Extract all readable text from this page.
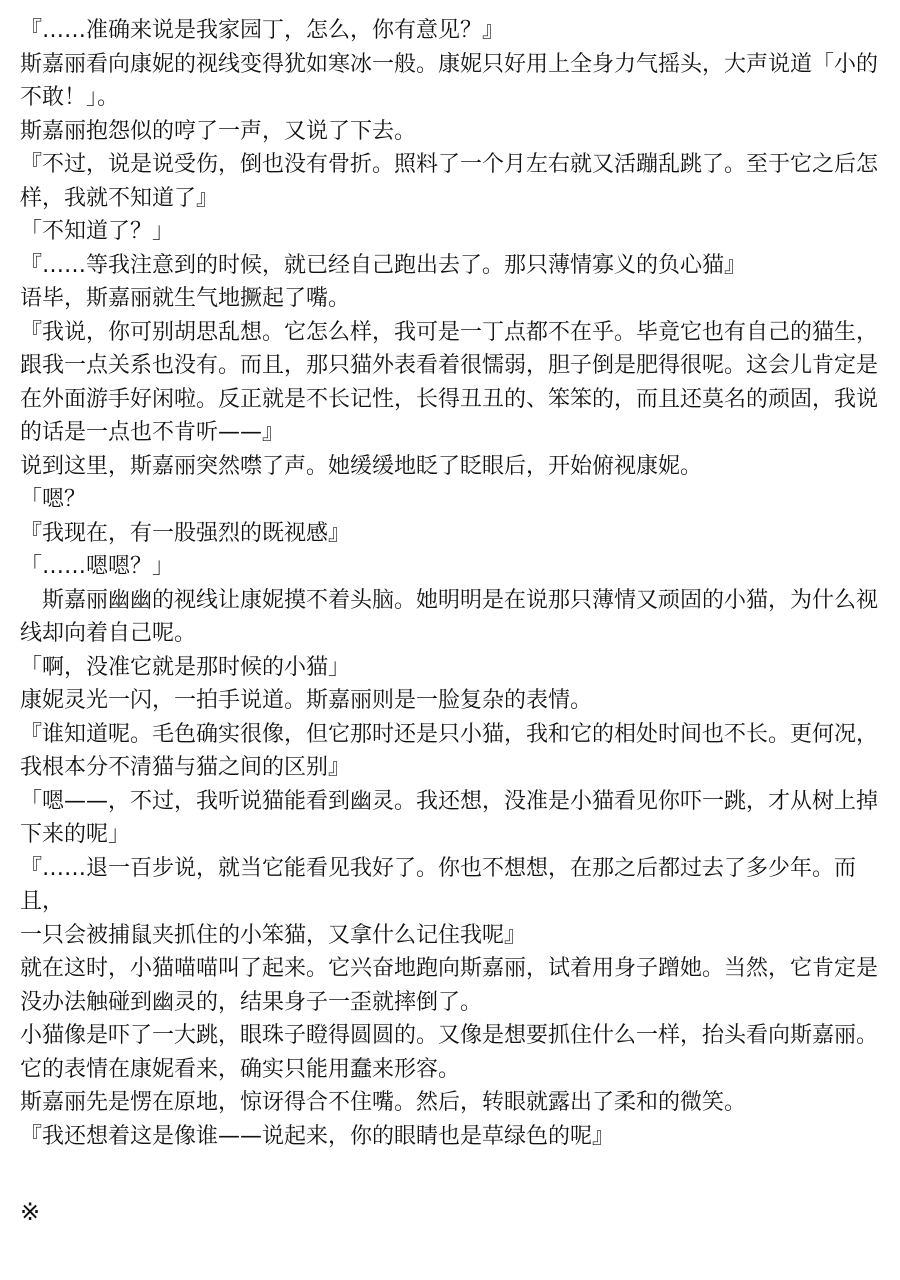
『……准确来说是我家园丁，怎么，你有意见？』

斯嘉丽看向康妮的视线变得犹如寒冰一般。康妮只好用上全身力气摇头，大声说道「小的不敢！」。

斯嘉丽抱怨似的哼了一声，又说了下去。

『不过，说是说受伤，倒也没有骨折。照料了一个月左右就又活蹦乱跳了。至于它之后怎样，我就不知道了』

「不知道了？」

『……等我注意到的时候，就已经自己跑出去了。那只薄情寡义的负心猫』

语毕，斯嘉丽就生气地撅起了嘴。

『我说，你可别胡思乱想。它怎么样，我可是一丁点都不在乎。毕竟它也有自己的猫生，跟我一点关系也没有。而且，那只猫外表看着很懦弱，胆子倒是肥得很呢。这会儿肯定是在外面游手好闲啦。反正就是不长记性，长得丑丑的、笨笨的，而且还莫名的顽固，我说的话是一点也不肯听——』

说到这里，斯嘉丽突然噤了声。她缓缓地眨了眨眼后，开始俯视康妮。

「嗯？

『我现在，有一股强烈的既视感』

「……嗯嗯？」

斯嘉丽幽幽的视线让康妮摸不着头脑。她明明是在说那只薄情又顽固的小猫，为什么视线却向着自己呢。

「啊，没准它就是那时候的小猫」

康妮灵光一闪，一拍手说道。斯嘉丽则是一脸复杂的表情。

『谁知道呢。毛色确实很像，但它那时还是只小猫，我和它的相处时间也不长。更何况，我根本分不清猫与猫之间的区别』

「嗯——，不过，我听说猫能看到幽灵。我还想，没准是小猫看见你吓一跳，才从树上掉下来的呢」

『……退一百步说，就当它能看见我好了。你也不想想，在那之后都过去了多少年。而且，

一只会被捕鼠夹抓住的小笨猫，又拿什么记住我呢』

就在这时，小猫喵喵叫了起来。它兴奋地跑向斯嘉丽，试着用身子蹭她。当然，它肯定是没办法触碰到幽灵的，结果身子一歪就摔倒了。

小猫像是吓了一大跳，眼珠子瞪得圆圆的。又像是想要抓住什么一样，抬头看向斯嘉丽。它的表情在康妮看来，确实只能用蠢来形容。

斯嘉丽先是愣在原地，惊讶得合不住嘴。然后，转眼就露出了柔和的微笑。

『我还想着这是像谁——说起来，你的眼睛也是草绿色的呢』

※
